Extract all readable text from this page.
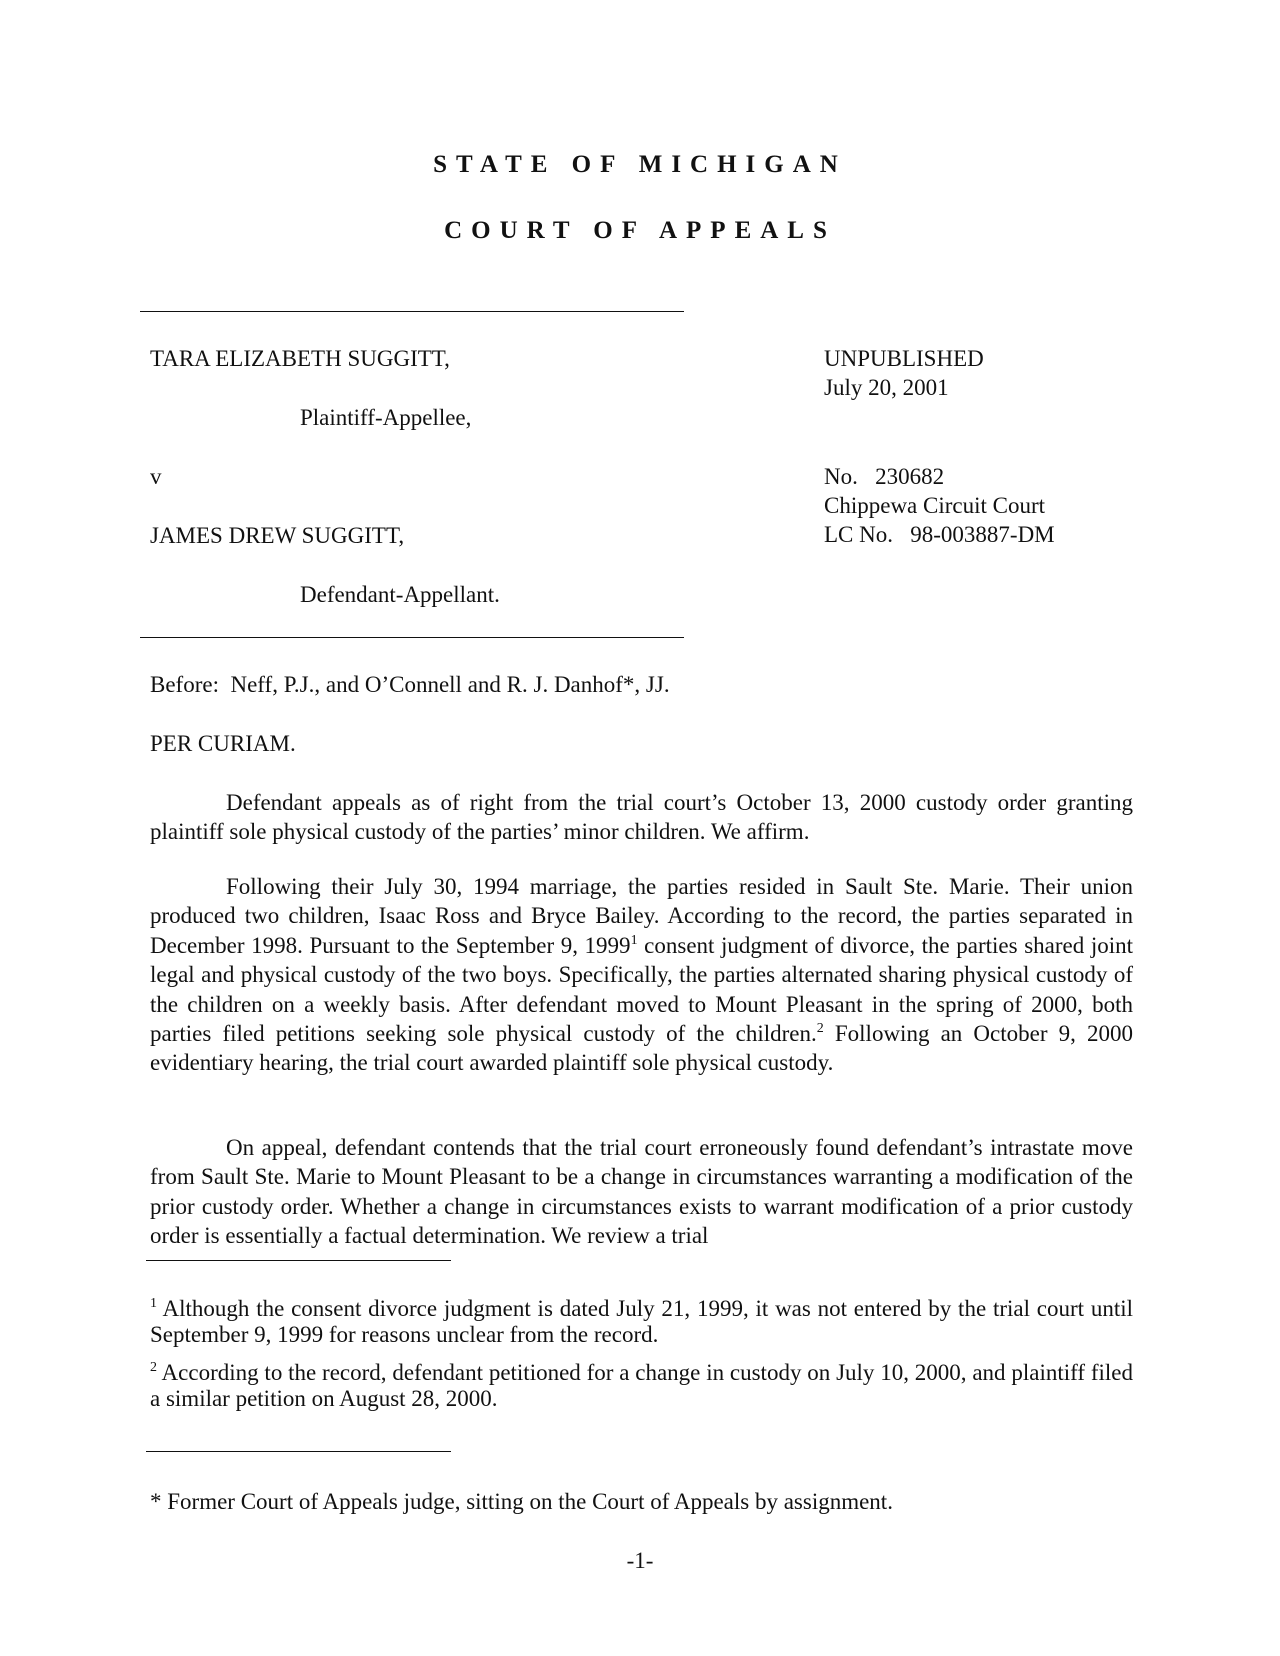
STATE OF MICHIGAN
COURT OF APPEALS
TARA ELIZABETH SUGGITT,
Plaintiff-Appellee,
v
JAMES DREW SUGGITT,
Defendant-Appellant.
UNPUBLISHED
July 20, 2001
No.   230682
Chippewa Circuit Court
LC No.   98-003887-DM
Before:  Neff, P.J., and O’Connell and R. J. Danhof*, JJ.
PER CURIAM.
Defendant appeals as of right from the trial court’s October 13, 2000 custody order granting plaintiff sole physical custody of the parties’ minor children. We affirm.
Following their July 30, 1994 marriage, the parties resided in Sault Ste. Marie. Their union produced two children, Isaac Ross and Bryce Bailey. According to the record, the parties separated in December 1998. Pursuant to the September 9, 1999$^1$ consent judgment of divorce, the parties shared joint legal and physical custody of the two boys. Specifically, the parties alternated sharing physical custody of the children on a weekly basis. After defendant moved to Mount Pleasant in the spring of 2000, both parties filed petitions seeking sole physical custody of the children.$^2$ Following an October 9, 2000 evidentiary hearing, the trial court awarded plaintiff sole physical custody.
On appeal, defendant contends that the trial court erroneously found defendant’s intrastate move from Sault Ste. Marie to Mount Pleasant to be a change in circumstances warranting a modification of the prior custody order. Whether a change in circumstances exists to warrant modification of a prior custody order is essentially a factual determination. We review a trial
$^1$ Although the consent divorce judgment is dated July 21, 1999, it was not entered by the trial court until September 9, 1999 for reasons unclear from the record.
$^2$ According to the record, defendant petitioned for a change in custody on July 10, 2000, and plaintiff filed a similar petition on August 28, 2000.
* Former Court of Appeals judge, sitting on the Court of Appeals by assignment.
-1-
